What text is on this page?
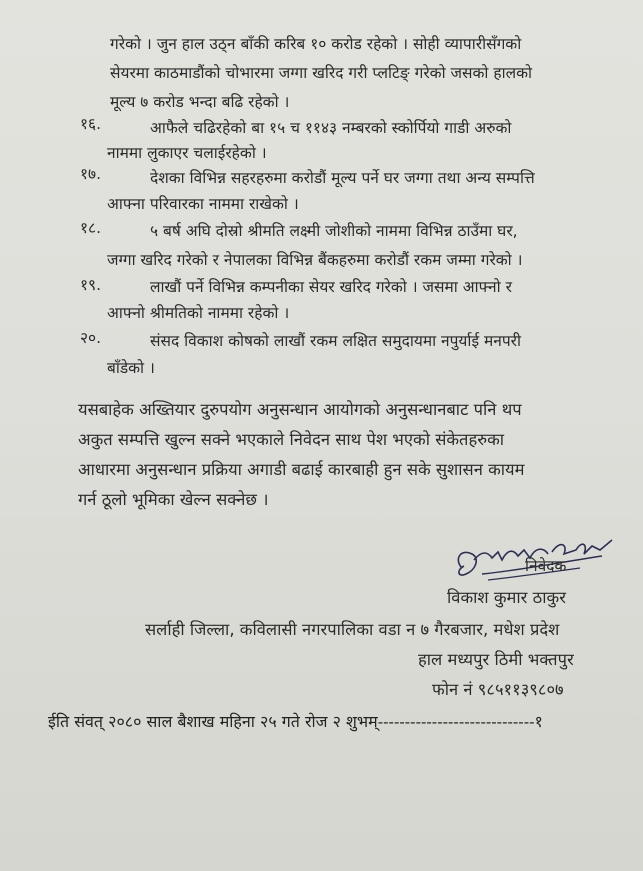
गरेको । जुन हाल उठ्न बाँकी करिब १० करोड रहेको । सोही व्यापारीसँगको
सेयरमा काठमाडौंको चोभारमा जग्गा खरिद गरी प्लटिङ् गरेको जसको हालको
मूल्य ७ करोड भन्दा बढि रहेको ।
१६.	आफैले चढिरहेको बा १५ च ११४३ नम्बरको स्कोर्पियो गाडी अरुको
नाममा लुकाएर चलाईरहेको ।
१७.	देशका विभिन्न सहरहरुमा करोडौं मूल्य पर्ने घर जग्गा तथा अन्य सम्पत्ति
आफ्ना परिवारका नाममा राखेको ।
१८.	५ बर्ष अघि दोस्रो श्रीमति लक्ष्मी जोशीको नाममा विभिन्न ठाउँमा घर,
जग्गा खरिद गरेको र नेपालका विभिन्न बैंकहरुमा करोडौं रकम जम्मा गरेको ।
१९.	लाखौं पर्ने विभिन्न कम्पनीका सेयर खरिद गरेको । जसमा आफ्नो र
आफ्नो श्रीमतिको नाममा रहेको ।
२०.	संसद विकाश कोषको लाखौं रकम लक्षित समुदायमा नपुर्याई मनपरी
बाँडेको ।
यसबाहेक अख्तियार दुरुपयोग अनुसन्धान आयोगको अनुसन्धानबाट पनि थप
अकुत सम्पत्ति खुल्न सक्ने भएकाले निवेदन साथ पेश भएको संकेतहरुका
आधारमा अनुसन्धान प्रक्रिया अगाडी बढाई कारबाही हुन सके सुशासन कायम
गर्न ठूलो भूमिका खेल्न सक्नेछ ।
निवेदक
विकाश कुमार ठाकुर
सर्लाही जिल्ला, कविलासी नगरपालिका वडा न ७ गैरबजार, मधेश प्रदेश
हाल मध्यपुर ठिमी भक्तपुर
फोन नं ९८५११३९८०७
ईति संवत् २०८० साल बैशाख महिना २५ गते रोज २ शुभम्-----------------------------१
